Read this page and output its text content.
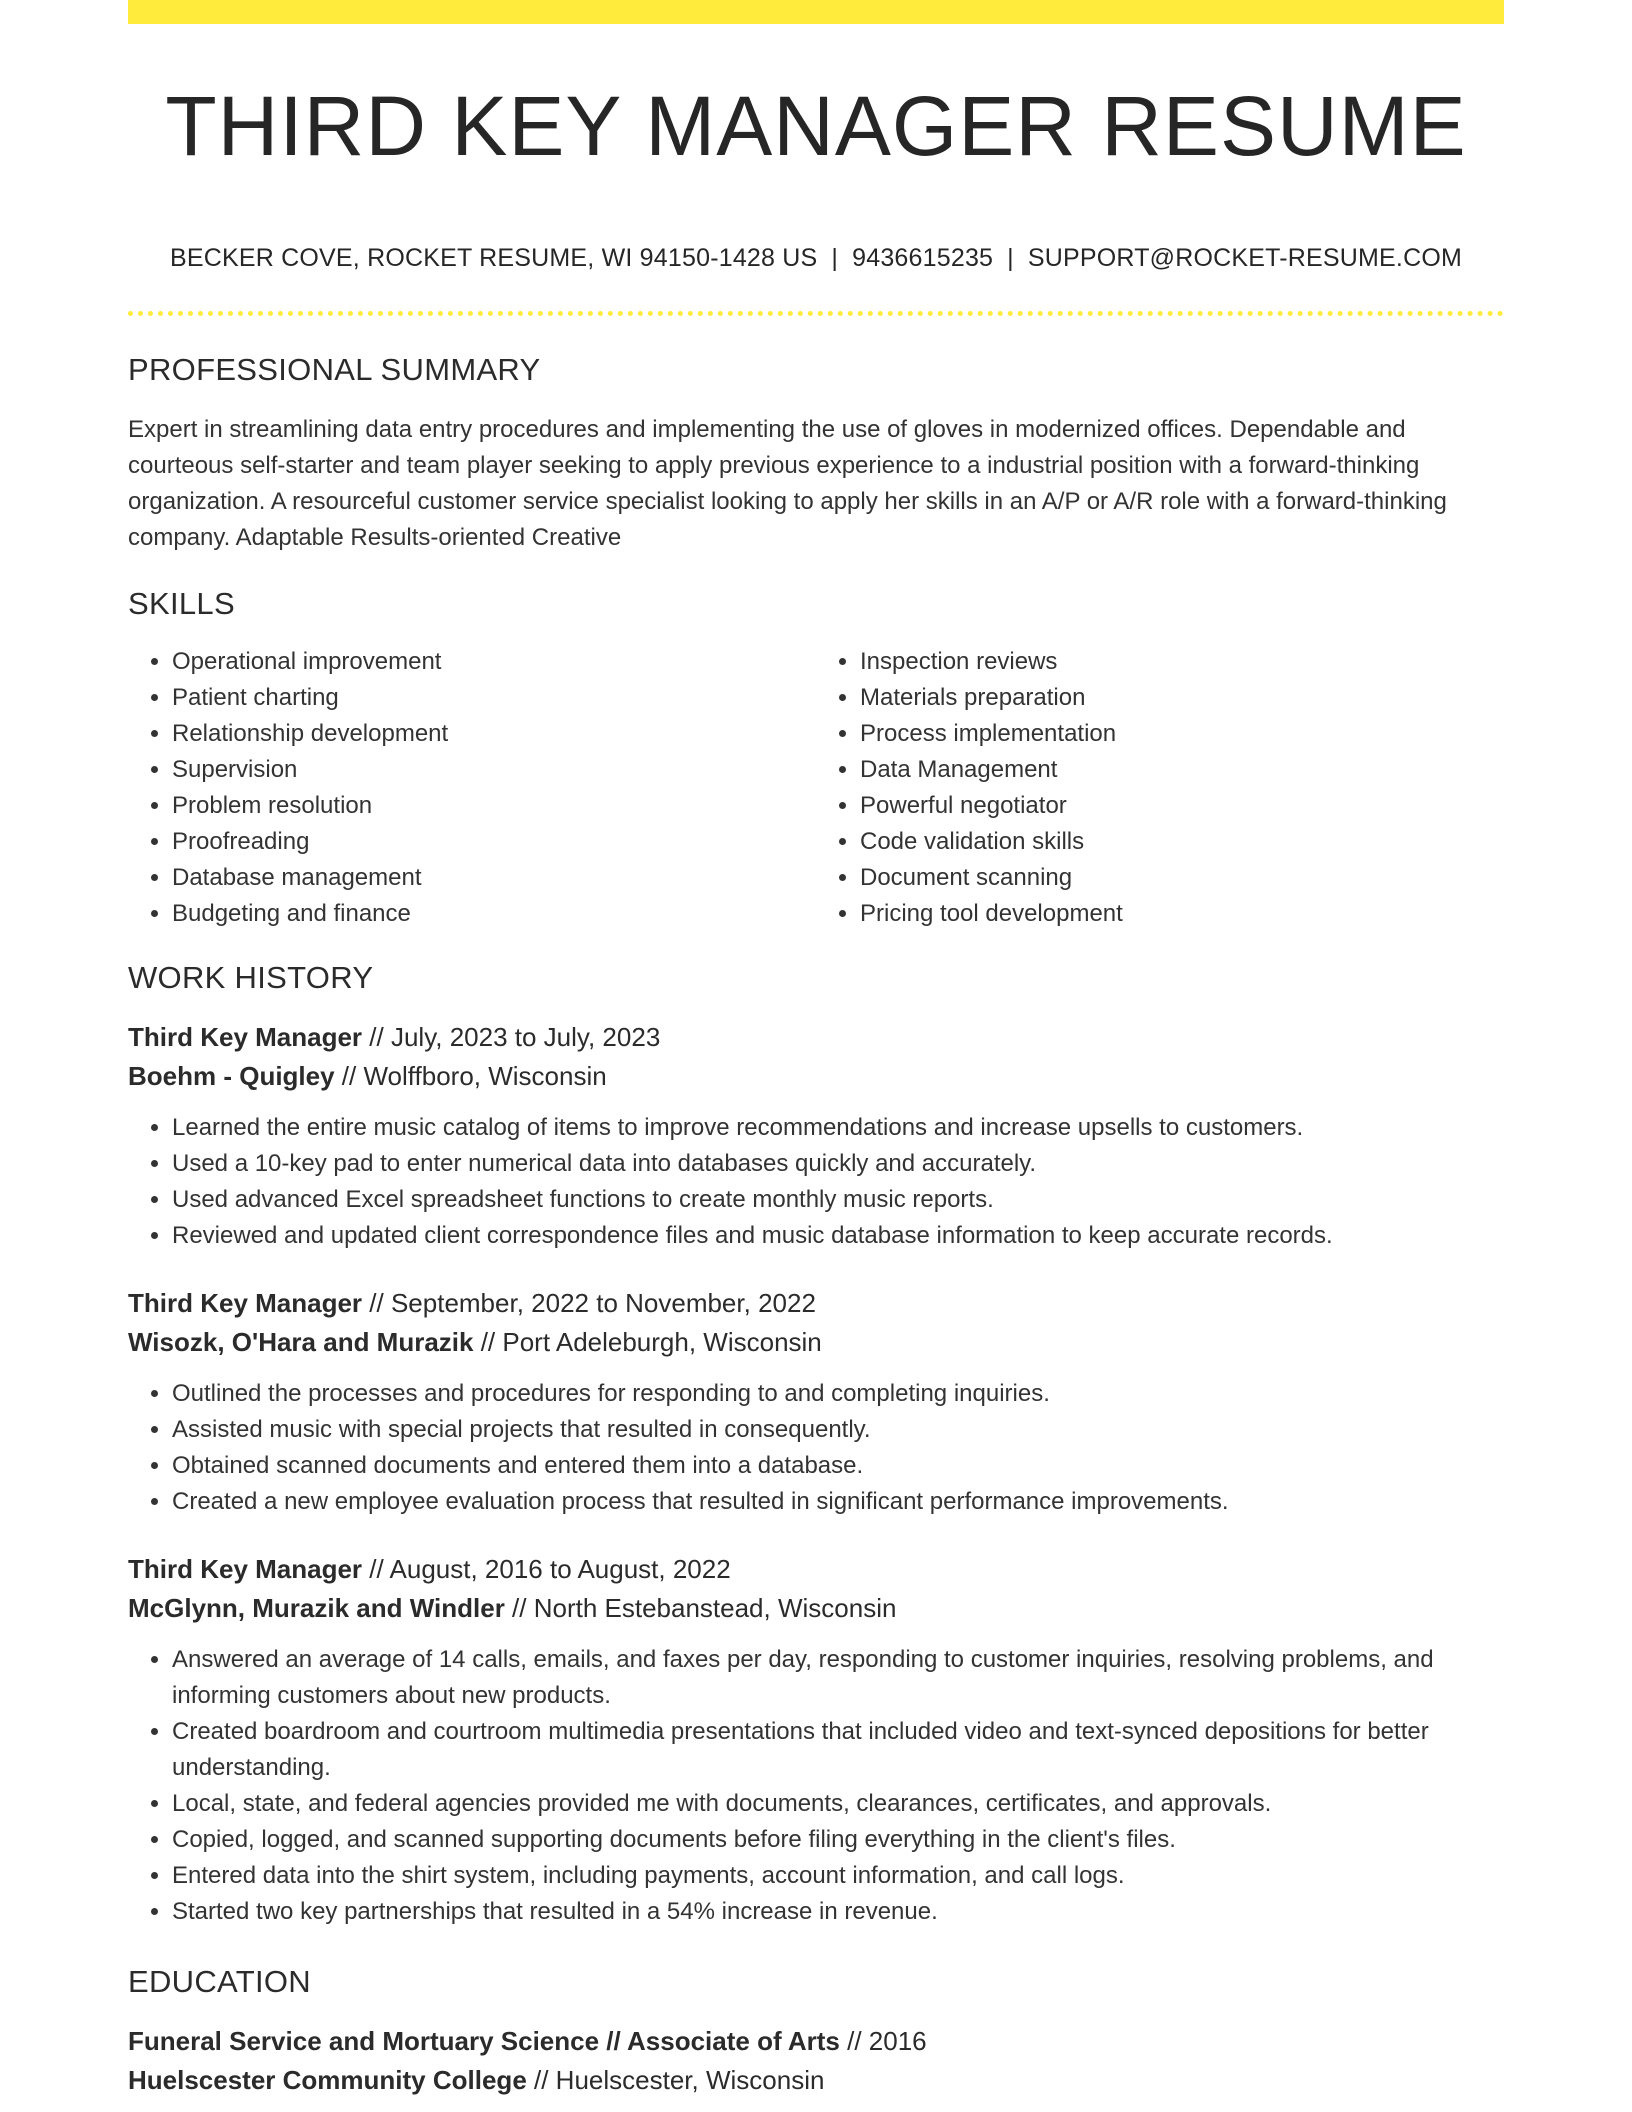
THIRD KEY MANAGER RESUME
BECKER COVE, ROCKET RESUME, WI 94150-1428 US | 9436615235 | SUPPORT@ROCKET-RESUME.COM
PROFESSIONAL SUMMARY

Expert in streamlining data entry procedures and implementing the use of gloves in modernized offices. Dependable and courteous self-starter and team player seeking to apply previous experience to a industrial position with a forward-thinking organization. A resourceful customer service specialist looking to apply her skills in an A/P or A/R role with a forward-thinking company. Adaptable Results-oriented Creative

SKILLS
• Operational improvement
• Patient charting
• Relationship development
• Supervision
• Problem resolution
• Proofreading
• Database management
• Budgeting and finance
• Inspection reviews
• Materials preparation
• Process implementation
• Data Management
• Powerful negotiator
• Code validation skills
• Document scanning
• Pricing tool development
WORK HISTORY
Third Key Manager // July, 2023 to July, 2023
Boehm - Quigley // Wolffboro, Wisconsin
• Learned the entire music catalog of items to improve recommendations and increase upsells to customers.
• Used a 10-key pad to enter numerical data into databases quickly and accurately.
• Used advanced Excel spreadsheet functions to create monthly music reports.
• Reviewed and updated client correspondence files and music database information to keep accurate records.
Third Key Manager // September, 2022 to November, 2022
Wisozk, O'Hara and Murazik // Port Adeleburgh, Wisconsin
• Outlined the processes and procedures for responding to and completing inquiries.
• Assisted music with special projects that resulted in consequently.
• Obtained scanned documents and entered them into a database.
• Created a new employee evaluation process that resulted in significant performance improvements.
Third Key Manager // August, 2016 to August, 2022
McGlynn, Murazik and Windler // North Estebanstead, Wisconsin
• Answered an average of 14 calls, emails, and faxes per day, responding to customer inquiries, resolving problems, and informing customers about new products.
• Created boardroom and courtroom multimedia presentations that included video and text-synced depositions for better understanding.
• Local, state, and federal agencies provided me with documents, clearances, certificates, and approvals.
• Copied, logged, and scanned supporting documents before filing everything in the client's files.
• Entered data into the shirt system, including payments, account information, and call logs.
• Started two key partnerships that resulted in a 54% increase in revenue.
EDUCATION
Funeral Service and Mortuary Science // Associate of Arts // 2016
Huelscester Community College // Huelscester, Wisconsin
